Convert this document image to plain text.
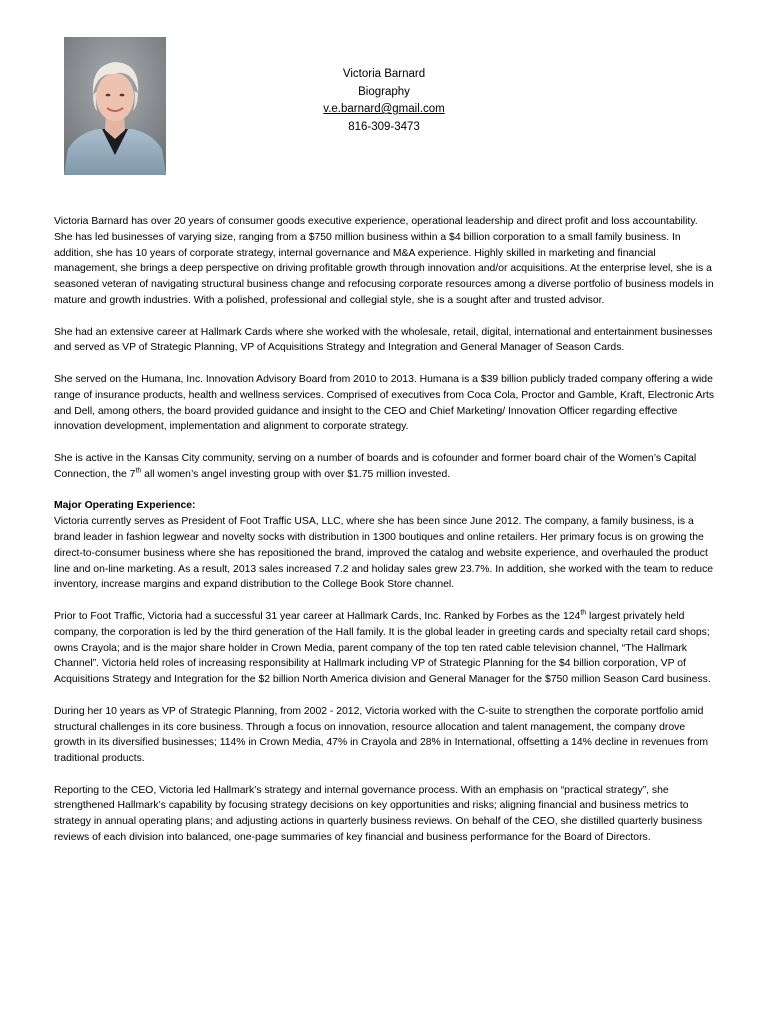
Victoria Barnard
Biography
v.e.barnard@gmail.com
816-309-3473

Victoria Barnard has over 20 years of consumer goods executive experience, operational leadership and direct profit and loss accountability. She has led businesses of varying size, ranging from a $750 million business within a $4 billion corporation to a small family business. In addition, she has 10 years of corporate strategy, internal governance and M&A experience. Highly skilled in marketing and financial management, she brings a deep perspective on driving profitable growth through innovation and/or acquisitions. At the enterprise level, she is a seasoned veteran of navigating structural business change and refocusing corporate resources among a diverse portfolio of business models in mature and growth industries. With a polished, professional and collegial style, she is a sought after and trusted advisor.

She had an extensive career at Hallmark Cards where she worked with the wholesale, retail, digital, international and entertainment businesses and served as VP of Strategic Planning, VP of Acquisitions Strategy and Integration and General Manager of Season Cards.

She served on the Humana, Inc. Innovation Advisory Board from 2010 to 2013. Humana is a $39 billion publicly traded company offering a wide range of insurance products, health and wellness services. Comprised of executives from Coca Cola, Proctor and Gamble, Kraft, Electronic Arts and Dell, among others, the board provided guidance and insight to the CEO and Chief Marketing/ Innovation Officer regarding effective innovation development, implementation and alignment to corporate strategy.

She is active in the Kansas City community, serving on a number of boards and is cofounder and former board chair of the Women’s Capital Connection, the 7th all women’s angel investing group with over $1.75 million invested.

Major Operating Experience:

Victoria currently serves as President of Foot Traffic USA, LLC, where she has been since June 2012. The company, a family business, is a brand leader in fashion legwear and novelty socks with distribution in 1300 boutiques and online retailers. Her primary focus is on growing the direct-to-consumer business where she has repositioned the brand, improved the catalog and website experience, and overhauled the product line and on-line marketing. As a result, 2013 sales increased 7.2 and holiday sales grew 23.7%. In addition, she worked with the team to reduce inventory, increase margins and expand distribution to the College Book Store channel.

Prior to Foot Traffic, Victoria had a successful 31 year career at Hallmark Cards, Inc. Ranked by Forbes as the 124th largest privately held company, the corporation is led by the third generation of the Hall family. It is the global leader in greeting cards and specialty retail card shops; owns Crayola; and is the major share holder in Crown Media, parent company of the top ten rated cable television channel, “The Hallmark Channel”. Victoria held roles of increasing responsibility at Hallmark including VP of Strategic Planning for the $4 billion corporation, VP of Acquisitions Strategy and Integration for the $2 billion North America division and General Manager for the $750 million Season Card business.

During her 10 years as VP of Strategic Planning, from 2002 - 2012, Victoria worked with the C-suite to strengthen the corporate portfolio amid structural challenges in its core business. Through a focus on innovation, resource allocation and talent management, the company drove growth in its diversified businesses; 114% in Crown Media, 47% in Crayola and 28% in International, offsetting a 14% decline in revenues from traditional products.

Reporting to the CEO, Victoria led Hallmark’s strategy and internal governance process. With an emphasis on “practical strategy”, she strengthened Hallmark’s capability by focusing strategy decisions on key opportunities and risks; aligning financial and business metrics to strategy in annual operating plans; and adjusting actions in quarterly business reviews. On behalf of the CEO, she distilled quarterly business reviews of each division into balanced, one-page summaries of key financial and business performance for the Board of Directors.
